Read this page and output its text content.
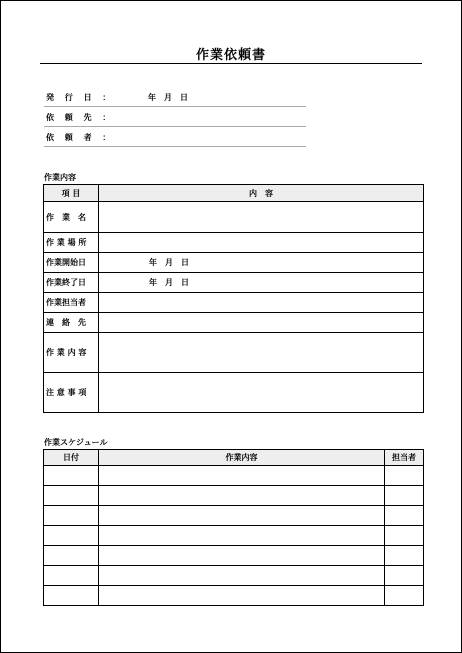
作業依頼書
発 行 日 ：	年　月　日
依 頼 先 ：
依 頼 者 ：
作業内容
項 目	内　容
作　業　名	
作 業 場 所	
作業開始日	年　月　日
作業終了日	年　月　日
作業担当者	
連　絡　先	
作 業 内 容	
注 意 事 項	
作業スケジュール
日付	作業内容	担当者
